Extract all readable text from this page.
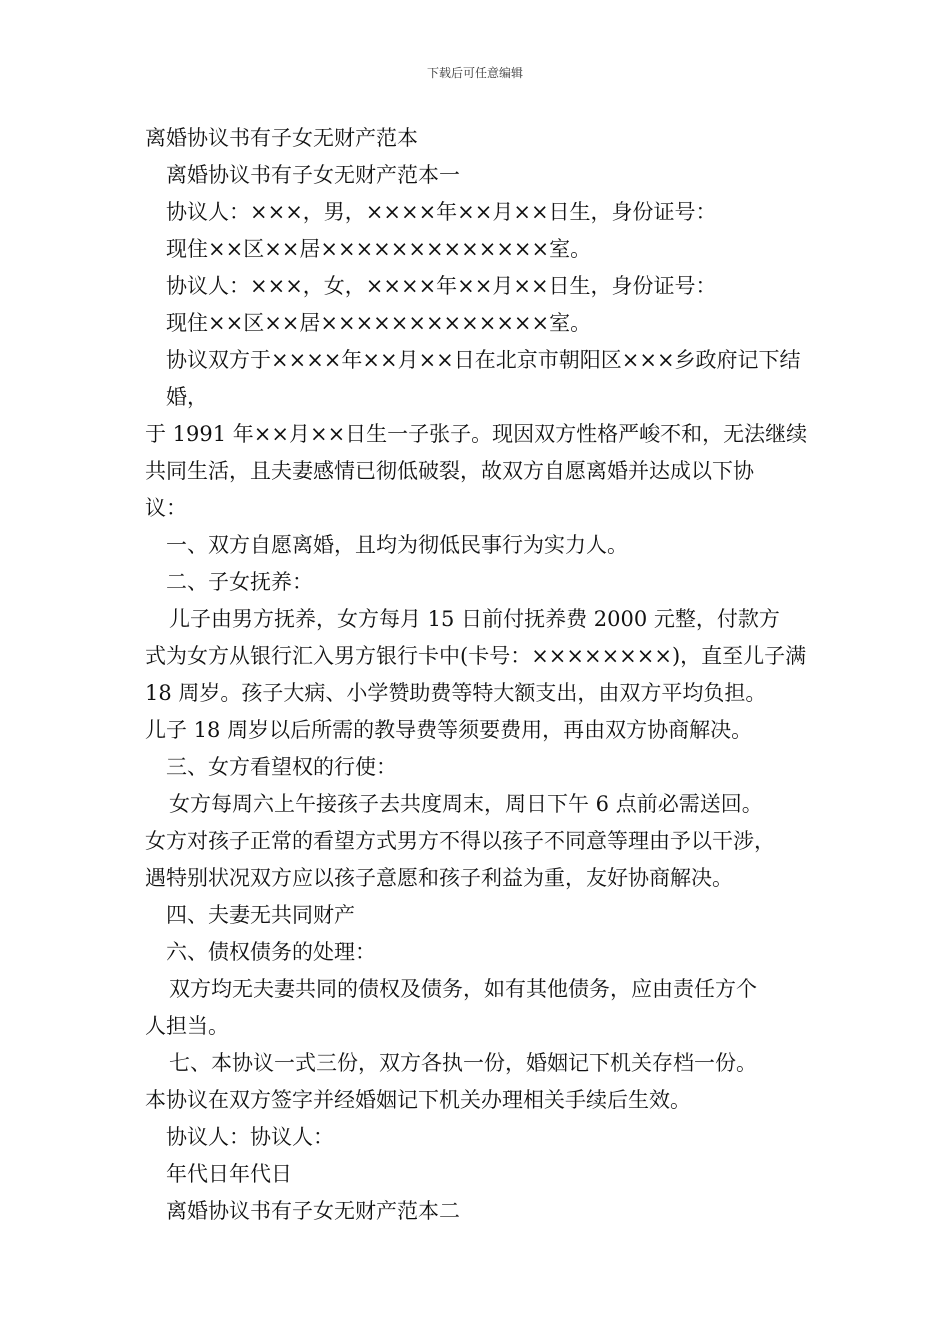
下载后可任意编辑

离婚协议书有子女无财产范本

离婚协议书有子女无财产范本一

协议人：×××，男，××××年××月××日生，身份证号：

现住××区××居×××××××××××××室。

协议人：×××，女，××××年××月××日生，身份证号：

现住××区××居×××××××××××××室。

协议双方于××××年××月××日在北京市朝阳区×××乡政府记下结婚，

于 1991 年××月××日生一子张子。现因双方性格严峻不和，无法继续

共同生活，且夫妻感情已彻低破裂，故双方自愿离婚并达成以下协

议：

一、双方自愿离婚，且均为彻低民事行为实力人。

二、子女抚养：

儿子由男方抚养，女方每月 15 日前付抚养费 2000 元整，付款方

式为女方从银行汇入男方银行卡中(卡号：××××××××)，直至儿子满

18 周岁。孩子大病、小学赞助费等特大额支出，由双方平均负担。

儿子 18 周岁以后所需的教导费等须要费用，再由双方协商解决。

三、女方看望权的行使：

女方每周六上午接孩子去共度周末，周日下午 6 点前必需送回。

女方对孩子正常的看望方式男方不得以孩子不同意等理由予以干涉，

遇特别状况双方应以孩子意愿和孩子利益为重，友好协商解决。

四、夫妻无共同财产

六、债权债务的处理：

双方均无夫妻共同的债权及债务，如有其他债务，应由责任方个

人担当。

七、本协议一式三份，双方各执一份，婚姻记下机关存档一份。

本协议在双方签字并经婚姻记下机关办理相关手续后生效。

协议人：协议人：

年代日年代日

离婚协议书有子女无财产范本二
